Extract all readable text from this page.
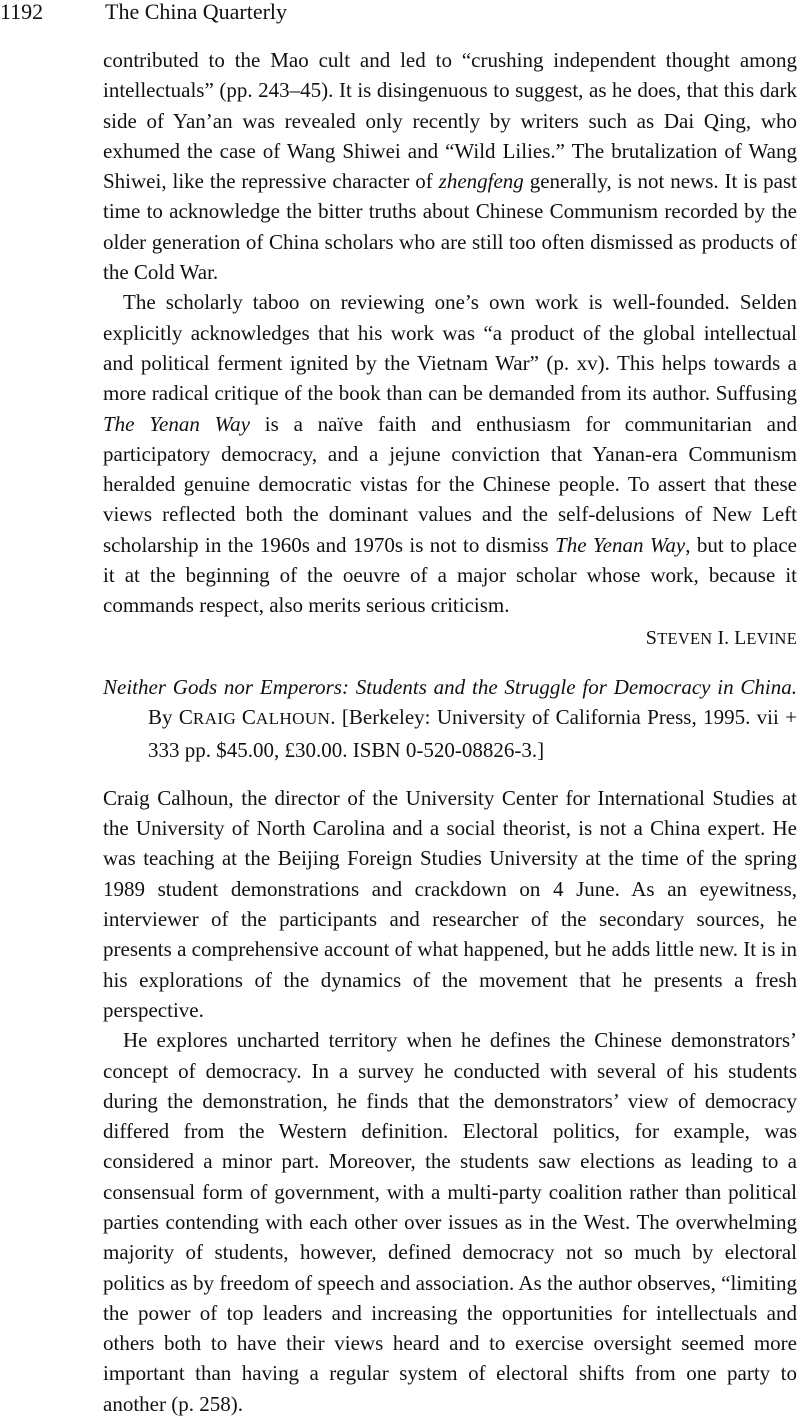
1192	The China Quarterly

contributed to the Mao cult and led to “crushing independent thought among intellectuals” (pp. 243–45). It is disingenuous to suggest, as he does, that this dark side of Yan’an was revealed only recently by writers such as Dai Qing, who exhumed the case of Wang Shiwei and “Wild Lilies.” The brutalization of Wang Shiwei, like the repressive character of zhengfeng generally, is not news. It is past time to acknowledge the bitter truths about Chinese Communism recorded by the older generation of China scholars who are still too often dismissed as products of the Cold War.

The scholarly taboo on reviewing one’s own work is well-founded. Selden explicitly acknowledges that his work was “a product of the global intellectual and political ferment ignited by the Vietnam War” (p. xv). This helps towards a more radical critique of the book than can be demanded from its author. Suffusing The Yenan Way is a naïve faith and enthusiasm for communitarian and participatory democracy, and a jejune conviction that Yanan-era Communism heralded genuine democratic vistas for the Chinese people. To assert that these views reflected both the dominant values and the self-delusions of New Left scholarship in the 1960s and 1970s is not to dismiss The Yenan Way, but to place it at the beginning of the oeuvre of a major scholar whose work, because it commands respect, also merits serious criticism.

STEVEN I. LEVINE

Neither Gods nor Emperors: Students and the Struggle for Democracy in China. By CRAIG CALHOUN. [Berkeley: University of California Press, 1995. vii + 333 pp. $45.00, £30.00. ISBN 0-520-08826-3.]

Craig Calhoun, the director of the University Center for International Studies at the University of North Carolina and a social theorist, is not a China expert. He was teaching at the Beijing Foreign Studies University at the time of the spring 1989 student demonstrations and crackdown on 4 June. As an eyewitness, interviewer of the participants and researcher of the secondary sources, he presents a comprehensive account of what happened, but he adds little new. It is in his explorations of the dynamics of the movement that he presents a fresh perspective.

He explores uncharted territory when he defines the Chinese demonstrators’ concept of democracy. In a survey he conducted with several of his students during the demonstration, he finds that the demonstrators’ view of democracy differed from the Western definition. Electoral politics, for example, was considered a minor part. Moreover, the students saw elections as leading to a consensual form of government, with a multi-party coalition rather than political parties contending with each other over issues as in the West. The overwhelming majority of students, however, defined democracy not so much by electoral politics as by freedom of speech and association. As the author observes, “limiting the power of top leaders and increasing the opportunities for intellectuals and others both to have their views heard and to exercise oversight seemed more important than having a regular system of electoral shifts from one party to another (p. 258).
